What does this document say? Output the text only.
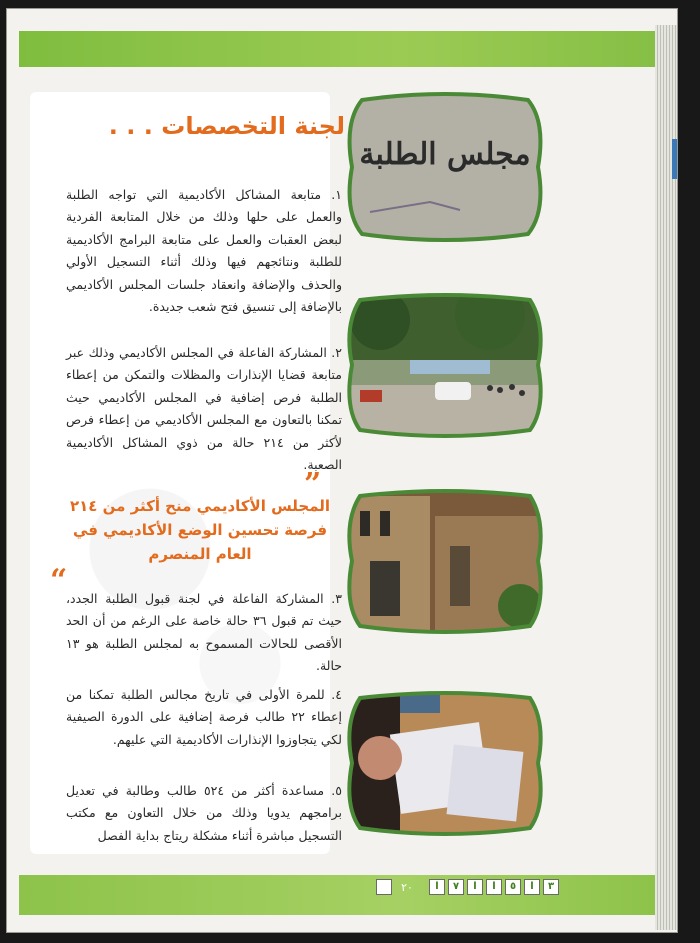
لجنة التخصصات . . .
١. متابعة المشاكل الأكاديمية التي تواجه الطلبة والعمل على حلها وذلك من خلال المتابعة الفردية لبعض العقبات والعمل على متابعة البرامج الأكاديمية للطلبة ونتائجهم فيها وذلك أثناء التسجيل الأولي والحذف والإضافة وانعقاد جلسات المجلس الأكاديمي بالإضافة إلى تنسيق فتح شعب جديدة.
٢. المشاركة الفاعلة في المجلس الأكاديمي وذلك عبر متابعة قضايا الإنذارات والمظلات والتمكن من إعطاء الطلبة فرص إضافية في المجلس الأكاديمي حيث تمكنا بالتعاون مع المجلس الأكاديمي من إعطاء فرص لأكثر من ٢١٤ حالة من ذوي المشاكل الأكاديمية الصعبة.
”
المجلس الأكاديمي منح أكثر من ٢١٤ فرصة تحسين الوضع الأكاديمي في العام المنصرم
“
٣. المشاركة الفاعلة في لجنة قبول الطلبة الجدد، حيث تم قبول ٣٦ حالة خاصة على الرغم من أن الحد الأقصى للحالات المسموح به لمجلس الطلبة هو ١٣ حالة.
٤. للمرة الأولى في تاريخ مجالس الطلبة تمكنا من إعطاء ٢٢ طالب فرصة إضافية على الدورة الصيفية لكي يتجاوزوا الإنذارات الأكاديمية التي عليهم.
٥. مساعدة أكثر من ٥٢٤ طالب وطالبة في تعديل برامجهم يدويا وذلك من خلال التعاون مع مكتب التسجيل مباشرة أثناء مشكلة ريتاج بداية الفصل
مجلس الطلبة
٢٠	ا	٧	ا	ا	٥	ا	٣
